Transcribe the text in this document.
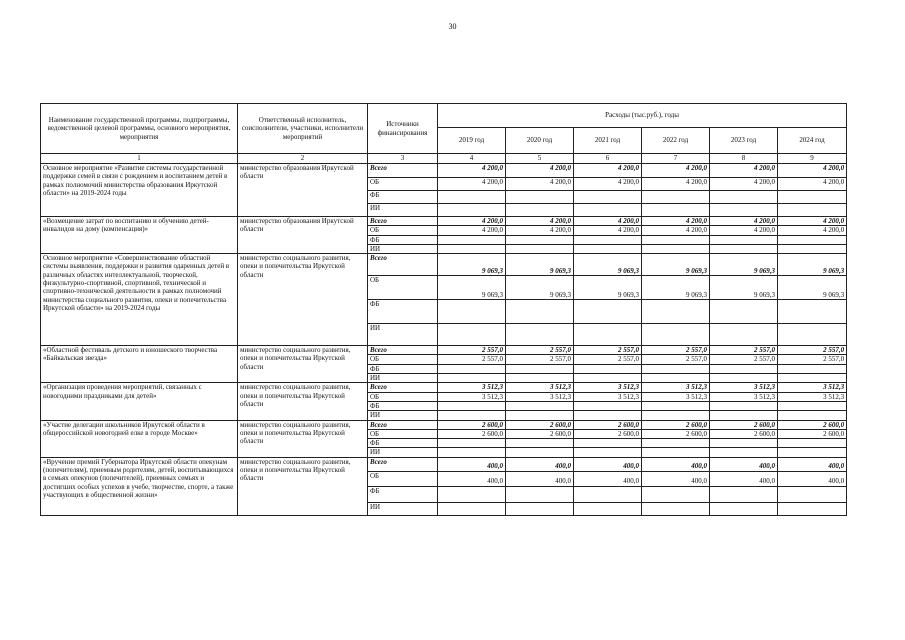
30
Наименование государственной программы, подпрограммы, ведомственной целевой программы, основного мероприятия, мероприятия	Ответственный исполнитель, соисполнители, участники, исполнители мероприятий	Источники финансирования	Расходы (тыс.руб.), годы					
			2019 год	2020 год	2021 год	2022 год	2023 год	2024 год
1	2	3	4	5	6	7	8	9
Основное мероприятие «Развитие системы государственной поддержки семей в связи с рождением и воспитанием детей в рамках полномочий министерства образования Иркутской области» на 2019-2024 годы	министерство образования Иркутской области	Всего	4 200,0	4 200,0	4 200,0	4 200,0	4 200,0	4 200,0
		ОБ	4 200,0	4 200,0	4 200,0	4 200,0	4 200,0	4 200,0
		ФБ						
		ИИ						
«Возмещение затрат по воспитанию и обучению детей-инвалидов на дому (компенсация)»	министерство образования Иркутской области	Всего	4 200,0	4 200,0	4 200,0	4 200,0	4 200,0	4 200,0
		ОБ	4 200,0	4 200,0	4 200,0	4 200,0	4 200,0	4 200,0
		ФБ						
		ИИ						
Основное мероприятие «Совершенствование областной системы выявления, поддержки и развития одаренных детей в различных областях интеллектуальной, творческой, физкультурно-спортивной, спортивной, технической и спортивно-технической деятельности в рамках полномочий министерства социального развития, опеки и попечительства Иркутской области» на 2019-2024 годы	министерство социального развития, опеки и попечительства Иркутской области	Всего	9 069,3	9 069,3	9 069,3	9 069,3	9 069,3	9 069,3
		ОБ	9 069,3	9 069,3	9 069,3	9 069,3	9 069,3	9 069,3
		ФБ						
		ИИ						
«Областной фестиваль детского и юношеского творчества «Байкальская звезда»	министерство социального развития, опеки и попечительства Иркутской области	Всего	2 557,0	2 557,0	2 557,0	2 557,0	2 557,0	2 557,0
		ОБ	2 557,0	2 557,0	2 557,0	2 557,0	2 557,0	2 557,0
		ФБ						
		ИИ						
«Организация проведения мероприятий, связанных с новогодними праздниками для детей»	министерство социального развития, опеки и попечительства Иркутской области	Всего	3 512,3	3 512,3	3 512,3	3 512,3	3 512,3	3 512,3
		ОБ	3 512,3	3 512,3	3 512,3	3 512,3	3 512,3	3 512,3
		ФБ						
		ИИ						
«Участие делегации школьников Иркутской области в общероссийской новогодней елке в городе Москве»	министерство социального развития, опеки и попечительства Иркутской области	Всего	2 600,0	2 600,0	2 600,0	2 600,0	2 600,0	2 600,0
		ОБ	2 600,0	2 600,0	2 600,0	2 600,0	2 600,0	2 600,0
		ФБ						
		ИИ						
«Вручение премий Губернатора Иркутской области опекунам (попечителям), приемным родителям, детей, воспитывающихся в семьях опекунов (попечителей), приемных семьях и достигших особых успехов в учебе, творчестве, спорте, а также участвующих в общественной жизни»	министерство социального развития, опеки и попечительства Иркутской области	Всего	400,0	400,0	400,0	400,0	400,0	400,0
		ОБ	400,0	400,0	400,0	400,0	400,0	400,0
		ФБ						
		ИИ						
